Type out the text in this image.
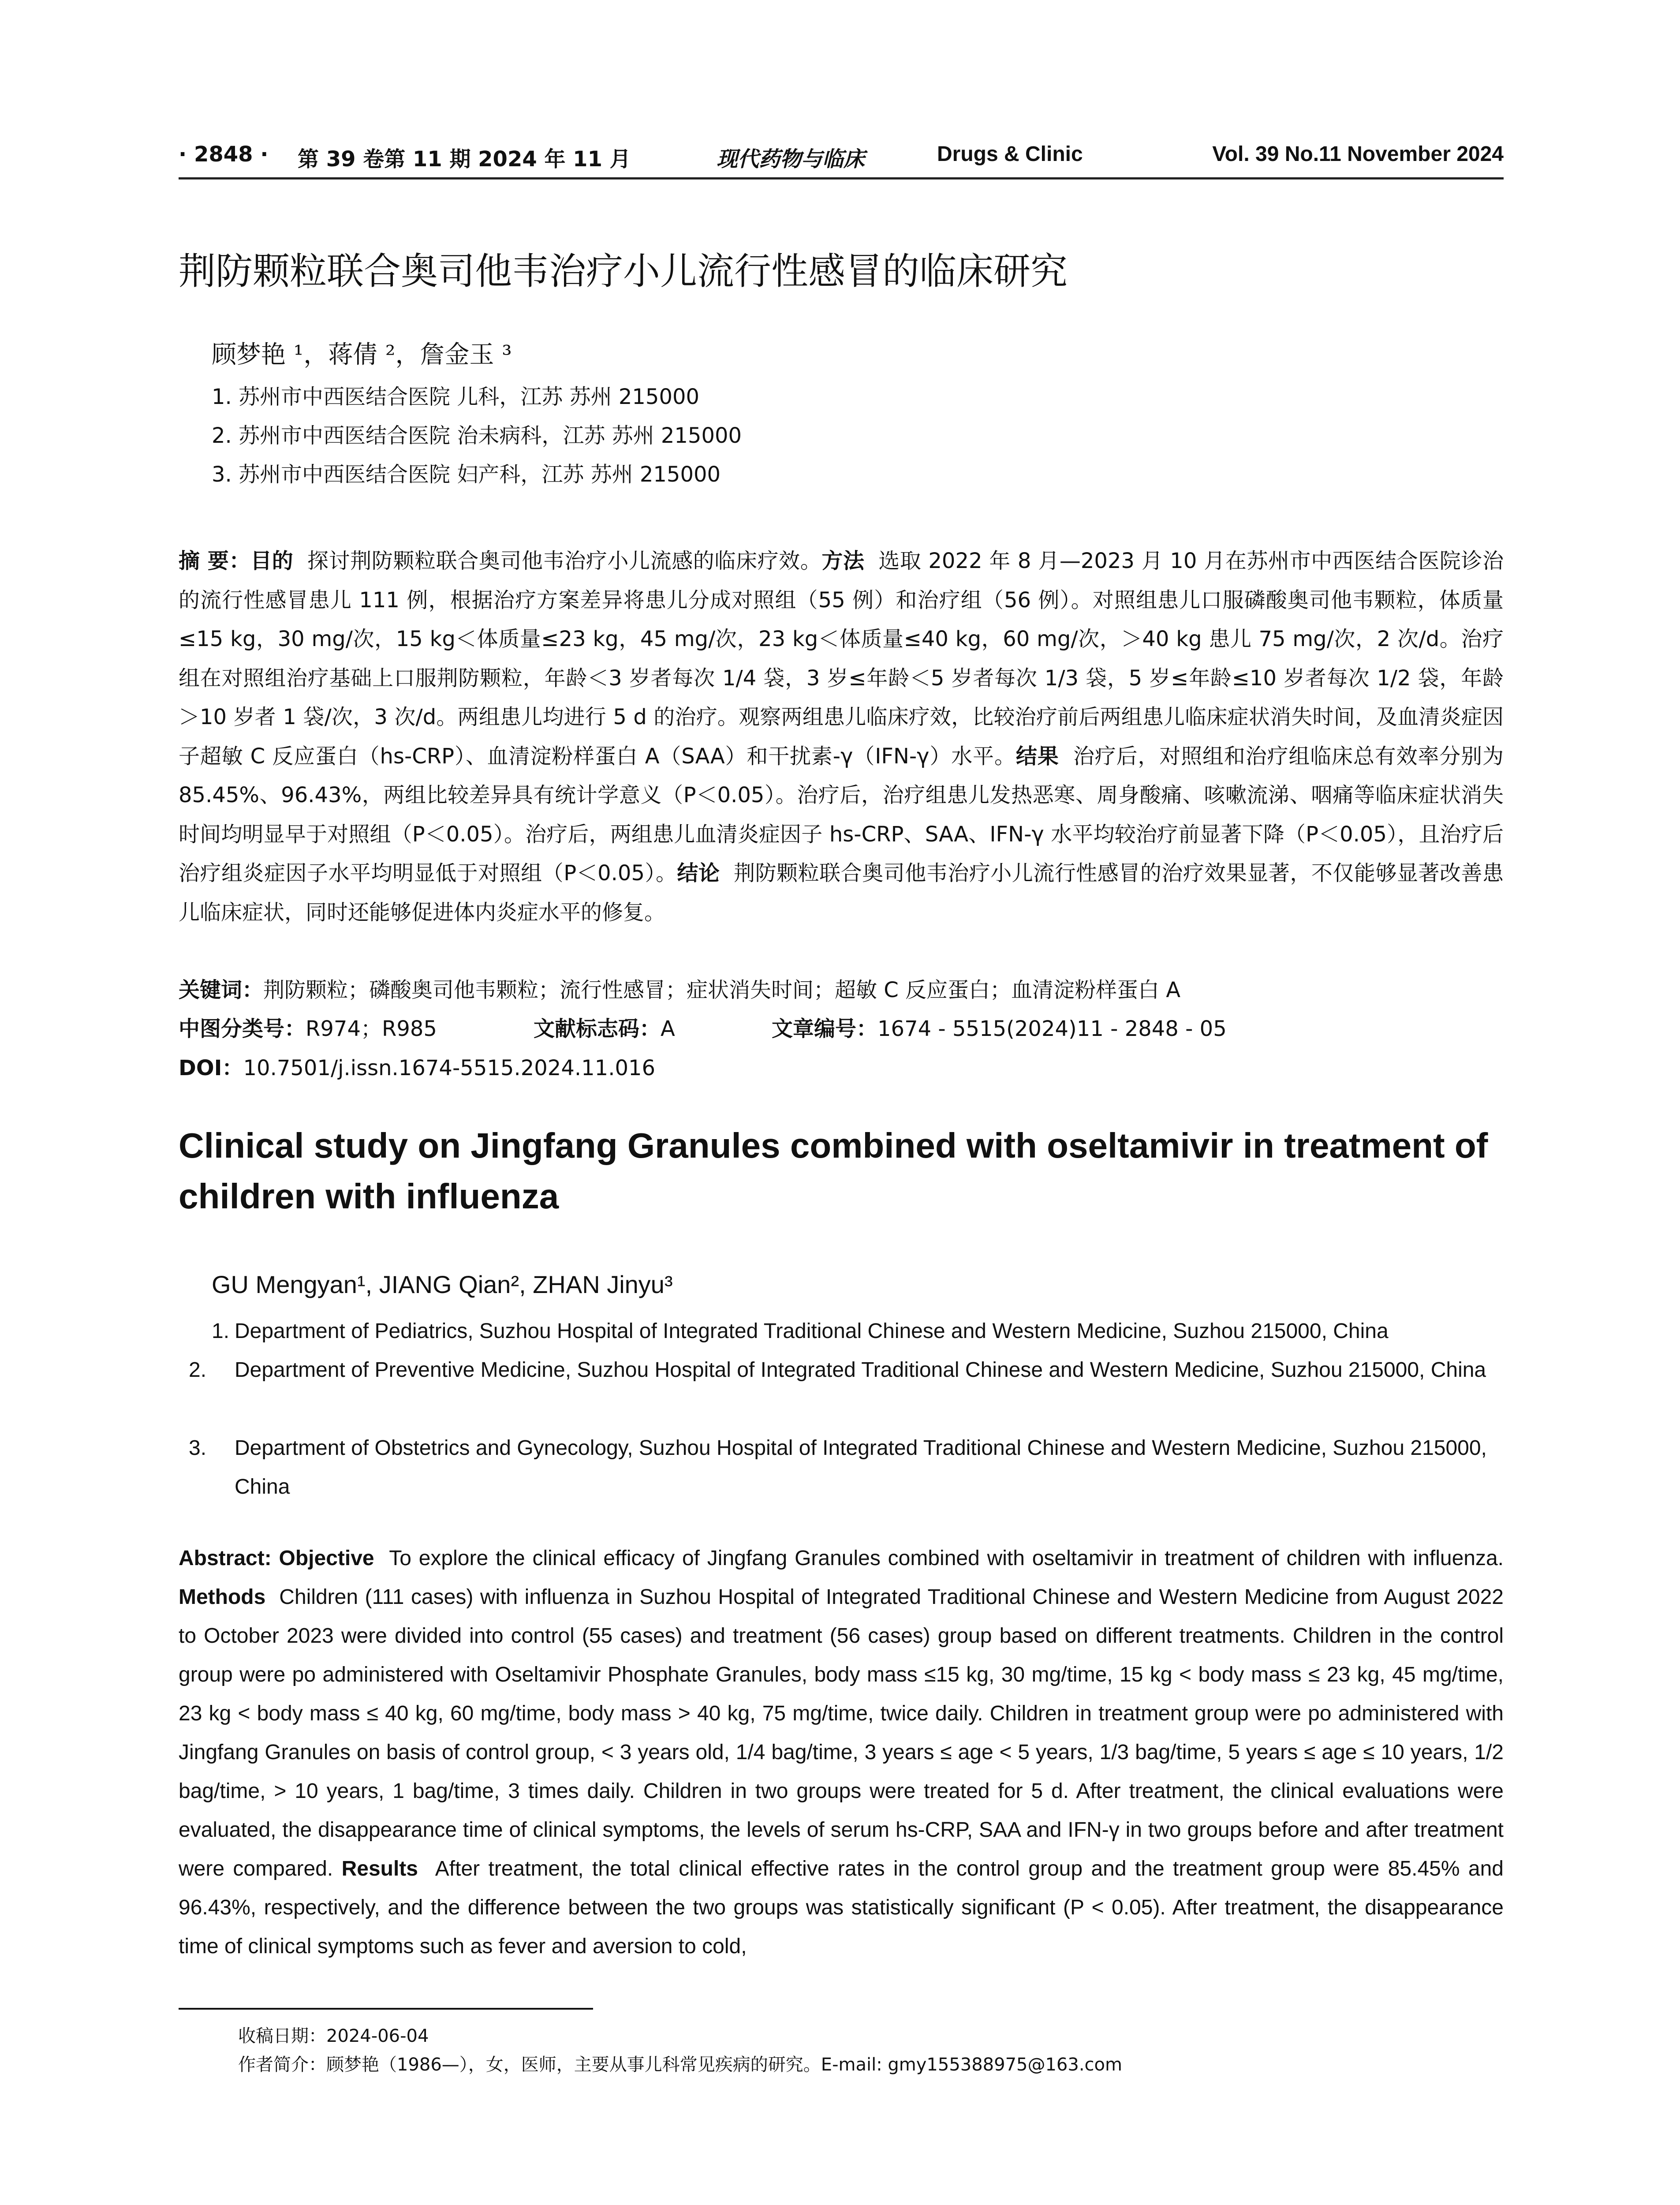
· 2848 · 第 39 卷第 11 期 2024 年 11 月	现代药物与临床	Drugs & Clinic	Vol. 39 No.11 November 2024
荆防颗粒联合奥司他韦治疗小儿流行性感冒的临床研究
顾梦艳 ¹，蒋倩 ²，詹金玉 ³
1. 苏州市中西医结合医院 儿科，江苏 苏州 215000
2. 苏州市中西医结合医院 治未病科，江苏 苏州 215000
3. 苏州市中西医结合医院 妇产科，江苏 苏州 215000
摘 要：目的 探讨荆防颗粒联合奥司他韦治疗小儿流感的临床疗效。方法 选取 2022 年 8 月—2023 月 10 月在苏州市中西医结合医院诊治的流行性感冒患儿 111 例，根据治疗方案差异将患儿分成对照组（55 例）和治疗组（56 例）。对照组患儿口服磷酸奥司他韦颗粒，体质量≤15 kg，30 mg/次，15 kg＜体质量≤23 kg，45 mg/次，23 kg＜体质量≤40 kg，60 mg/次，＞40 kg 患儿 75 mg/次，2 次/d。治疗组在对照组治疗基础上口服荆防颗粒，年龄＜3 岁者每次 1/4 袋，3 岁≤年龄＜5 岁者每次 1/3 袋，5 岁≤年龄≤10 岁者每次 1/2 袋，年龄＞10 岁者 1 袋/次，3 次/d。两组患儿均进行 5 d 的治疗。观察两组患儿临床疗效，比较治疗前后两组患儿临床症状消失时间，及血清炎症因子超敏 C 反应蛋白（hs-CRP）、血清淀粉样蛋白 A（SAA）和干扰素-γ（IFN-γ）水平。结果 治疗后，对照组和治疗组临床总有效率分别为 85.45%、96.43%，两组比较差异具有统计学意义（P＜0.05）。治疗后，治疗组患儿发热恶寒、周身酸痛、咳嗽流涕、咽痛等临床症状消失时间均明显早于对照组（P＜0.05）。治疗后，两组患儿血清炎症因子 hs-CRP、SAA、IFN-γ 水平均较治疗前显著下降（P＜0.05），且治疗后治疗组炎症因子水平均明显低于对照组（P＜0.05）。结论 荆防颗粒联合奥司他韦治疗小儿流行性感冒的治疗效果显著，不仅能够显著改善患儿临床症状，同时还能够促进体内炎症水平的修复。
关键词：荆防颗粒；磷酸奥司他韦颗粒；流行性感冒；症状消失时间；超敏 C 反应蛋白；血清淀粉样蛋白 A
中图分类号：R974；R985	文献标志码：A	文章编号：1674 - 5515(2024)11 - 2848 - 05
DOI：10.7501/j.issn.1674-5515.2024.11.016
Clinical study on Jingfang Granules combined with oseltamivir in treatment of children with influenza
GU Mengyan¹, JIANG Qian², ZHAN Jinyu³
1. Department of Pediatrics, Suzhou Hospital of Integrated Traditional Chinese and Western Medicine, Suzhou 215000, China
2. Department of Preventive Medicine, Suzhou Hospital of Integrated Traditional Chinese and Western Medicine, Suzhou 215000, China
3. Department of Obstetrics and Gynecology, Suzhou Hospital of Integrated Traditional Chinese and Western Medicine, Suzhou 215000, China
Abstract: Objective To explore the clinical efficacy of Jingfang Granules combined with oseltamivir in treatment of children with influenza. Methods Children (111 cases) with influenza in Suzhou Hospital of Integrated Traditional Chinese and Western Medicine from August 2022 to October 2023 were divided into control (55 cases) and treatment (56 cases) group based on different treatments. Children in the control group were po administered with Oseltamivir Phosphate Granules, body mass ≤15 kg, 30 mg/time, 15 kg < body mass ≤ 23 kg, 45 mg/time, 23 kg < body mass ≤ 40 kg, 60 mg/time, body mass > 40 kg, 75 mg/time, twice daily. Children in treatment group were po administered with Jingfang Granules on basis of control group, < 3 years old, 1/4 bag/time, 3 years ≤ age < 5 years, 1/3 bag/time, 5 years ≤ age ≤ 10 years, 1/2 bag/time, > 10 years, 1 bag/time, 3 times daily. Children in two groups were treated for 5 d. After treatment, the clinical evaluations were evaluated, the disappearance time of clinical symptoms, the levels of serum hs-CRP, SAA and IFN-γ in two groups before and after treatment were compared. Results After treatment, the total clinical effective rates in the control group and the treatment group were 85.45% and 96.43%, respectively, and the difference between the two groups was statistically significant (P < 0.05). After treatment, the disappearance time of clinical symptoms such as fever and aversion to cold,
收稿日期：2024-06-04
作者简介：顾梦艳（1986—），女，医师，主要从事儿科常见疾病的研究。E-mail: gmy155388975@163.com
